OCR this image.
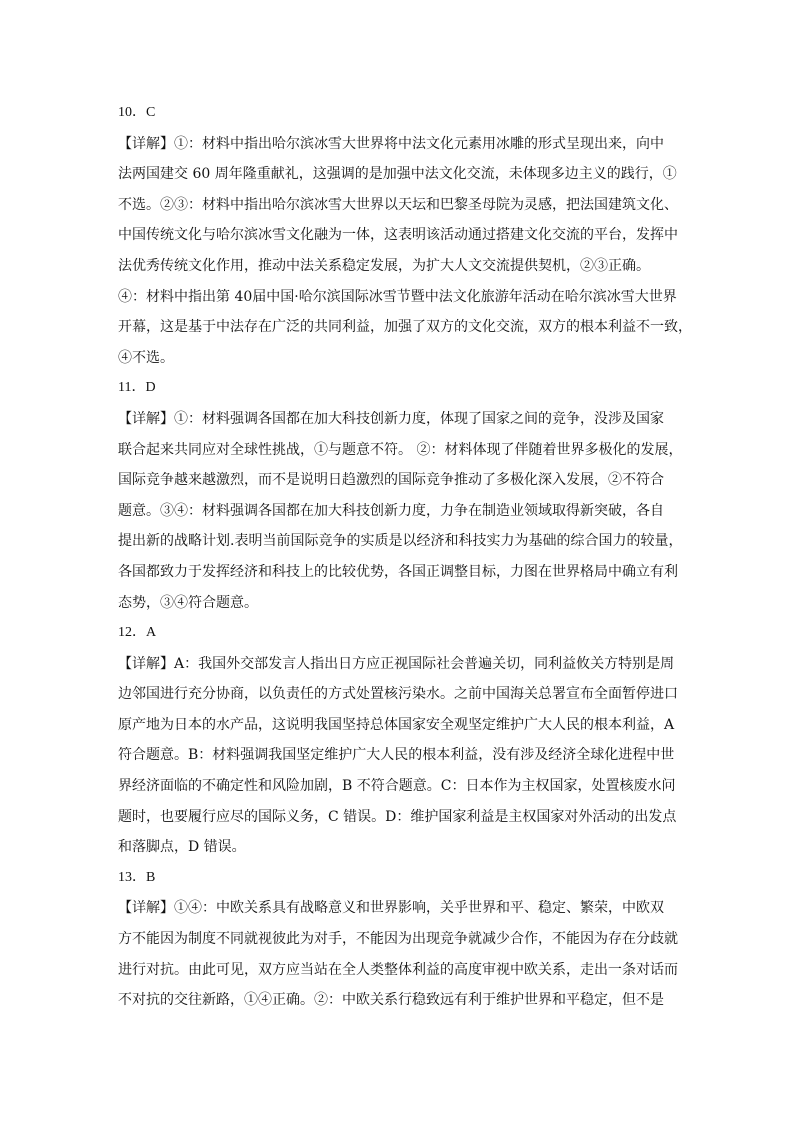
10．C
【详解】①：材料中指出哈尔滨冰雪大世界将中法文化元素用冰雕的形式呈现出来，向中
法两国建交 60 周年隆重献礼，这强调的是加强中法文化交流，未体现多边主义的践行，①
不选。②③：材料中指出哈尔滨冰雪大世界以天坛和巴黎圣母院为灵感，把法国建筑文化、
中国传统文化与哈尔滨冰雪文化融为一体，这表明该活动通过搭建文化交流的平台，发挥中
法优秀传统文化作用，推动中法关系稳定发展，为扩大人文交流提供契机，②③正确。
④：材料中指出第 40届中国·哈尔滨国际冰雪节暨中法文化旅游年活动在哈尔滨冰雪大世界
开幕，这是基于中法存在广泛的共同利益，加强了双方的文化交流，双方的根本利益不一致，
④不选。
11．D
【详解】①：材料强调各国都在加大科技创新力度，体现了国家之间的竞争，没涉及国家
联合起来共同应对全球性挑战，①与题意不符。 ②：材料体现了伴随着世界多极化的发展，
国际竞争越来越激烈，而不是说明日趋激烈的国际竞争推动了多极化深入发展，②不符合
题意。③④：材料强调各国都在加大科技创新力度，力争在制造业领域取得新突破，各自
提出新的战略计划.表明当前国际竞争的实质是以经济和科技实力为基础的综合国力的较量，
各国都致力于发挥经济和科技上的比较优势，各国正调整目标，力图在世界格局中确立有利
态势，③④符合题意。
12．A
【详解】A：我国外交部发言人指出日方应正视国际社会普遍关切，同利益攸关方特别是周
边邻国进行充分协商，以负责任的方式处置核污染水。之前中国海关总署宣布全面暂停进口
原产地为日本的水产品，这说明我国坚持总体国家安全观坚定维护广大人民的根本利益，A
符合题意。B：材料强调我国坚定维护广大人民的根本利益，没有涉及经济全球化进程中世
界经济面临的不确定性和风险加剧，B 不符合题意。C：日本作为主权国家，处置核废水问
题时，也要履行应尽的国际义务，C 错误。D：维护国家利益是主权国家对外活动的出发点
和落脚点，D 错误。
13．B
【详解】①④：中欧关系具有战略意义和世界影响，关乎世界和平、稳定、繁荣，中欧双
方不能因为制度不同就视彼此为对手，不能因为出现竞争就减少合作，不能因为存在分歧就
进行对抗。由此可见，双方应当站在全人类整体利益的高度审视中欧关系，走出一条对话而
不对抗的交往新路，①④正确。②：中欧关系行稳致远有利于维护世界和平稳定，但不是
